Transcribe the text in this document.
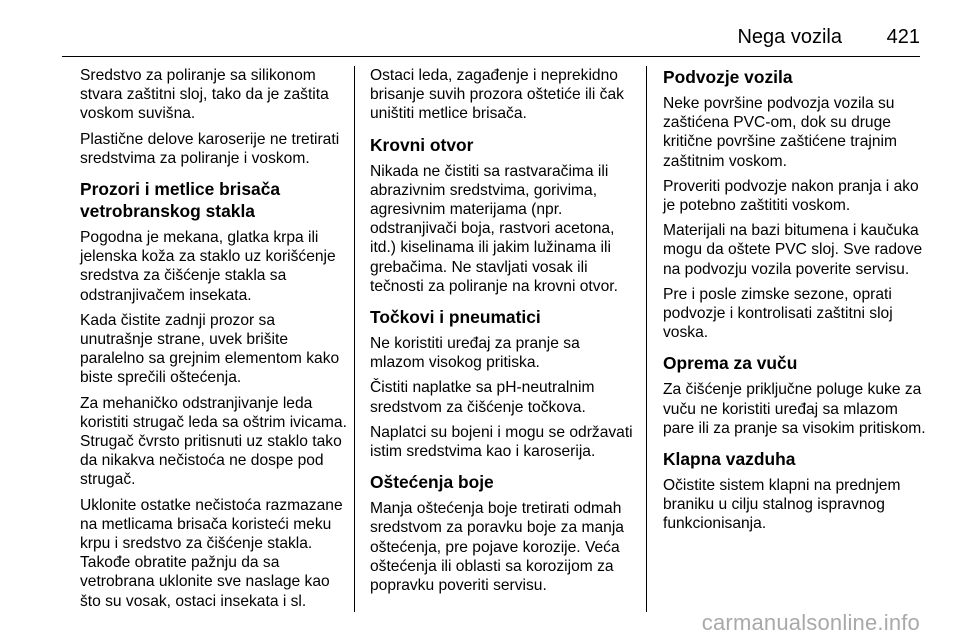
Nega vozila 421

Sredstvo za poliranje sa silikonom stvara zaštitni sloj, tako da je zaštita voskom suvišna.

Plastične delove karoserije ne tretirati sredstvima za poliranje i voskom.

Prozori i metlice brisača vetrobranskog stakla

Pogodna je mekana, glatka krpa ili jelenska koža za staklo uz korišćenje sredstva za čišćenje stakla sa odstranjivačem insekata.

Kada čistite zadnji prozor sa unutrašnje strane, uvek brišite paralelno sa grejnim elementom kako biste sprečili oštećenja.

Za mehaničko odstranjivanje leda koristiti strugač leda sa oštrim ivicama. Strugač čvrsto pritisnuti uz staklo tako da nikakva nečistoća ne dospe pod strugač.

Uklonite ostatke nečistoća razmazane na metlicama brisača koristeći meku krpu i sredstvo za čišćenje stakla. Takođe obratite pažnju da sa vetrobrana uklonite sve naslage kao što su vosak, ostaci insekata i sl.

Ostaci leda, zagađenje i neprekidno brisanje suvih prozora oštetiće ili čak uništiti metlice brisača.

Krovni otvor

Nikada ne čistiti sa rastvaračima ili abrazivnim sredstvima, gorivima, agresivnim materijama (npr. odstranjivači boja, rastvori acetona, itd.) kiselinama ili jakim lužinama ili grebačima. Ne stavljati vosak ili tečnosti za poliranje na krovni otvor.

Točkovi i pneumatici

Ne koristiti uređaj za pranje sa mlazom visokog pritiska.

Čistiti naplatke sa pH-neutralnim sredstvom za čišćenje točkova.

Naplatci su bojeni i mogu se održavati istim sredstvima kao i karoserija.

Oštećenja boje

Manja oštećenja boje tretirati odmah sredstvom za poravku boje za manja oštećenja, pre pojave korozije. Veća oštećenja ili oblasti sa korozijom za popravku poveriti servisu.

Podvozje vozila

Neke površine podvozja vozila su zaštićena PVC-om, dok su druge kritične površine zaštićene trajnim zaštitnim voskom.

Proveriti podvozje nakon pranja i ako je potebno zaštititi voskom.

Materijali na bazi bitumena i kaučuka mogu da oštete PVC sloj. Sve radove na podvozju vozila poverite servisu.

Pre i posle zimske sezone, oprati podvozje i kontrolisati zaštitni sloj voska.

Oprema za vuču

Za čišćenje priključne poluge kuke za vuču ne koristiti uređaj sa mlazom pare ili za pranje sa visokim pritiskom.

Klapna vazduha

Očistite sistem klapni na prednjem braniku u cilju stalnog ispravnog funkcionisanja.

carmanualsonline.info
